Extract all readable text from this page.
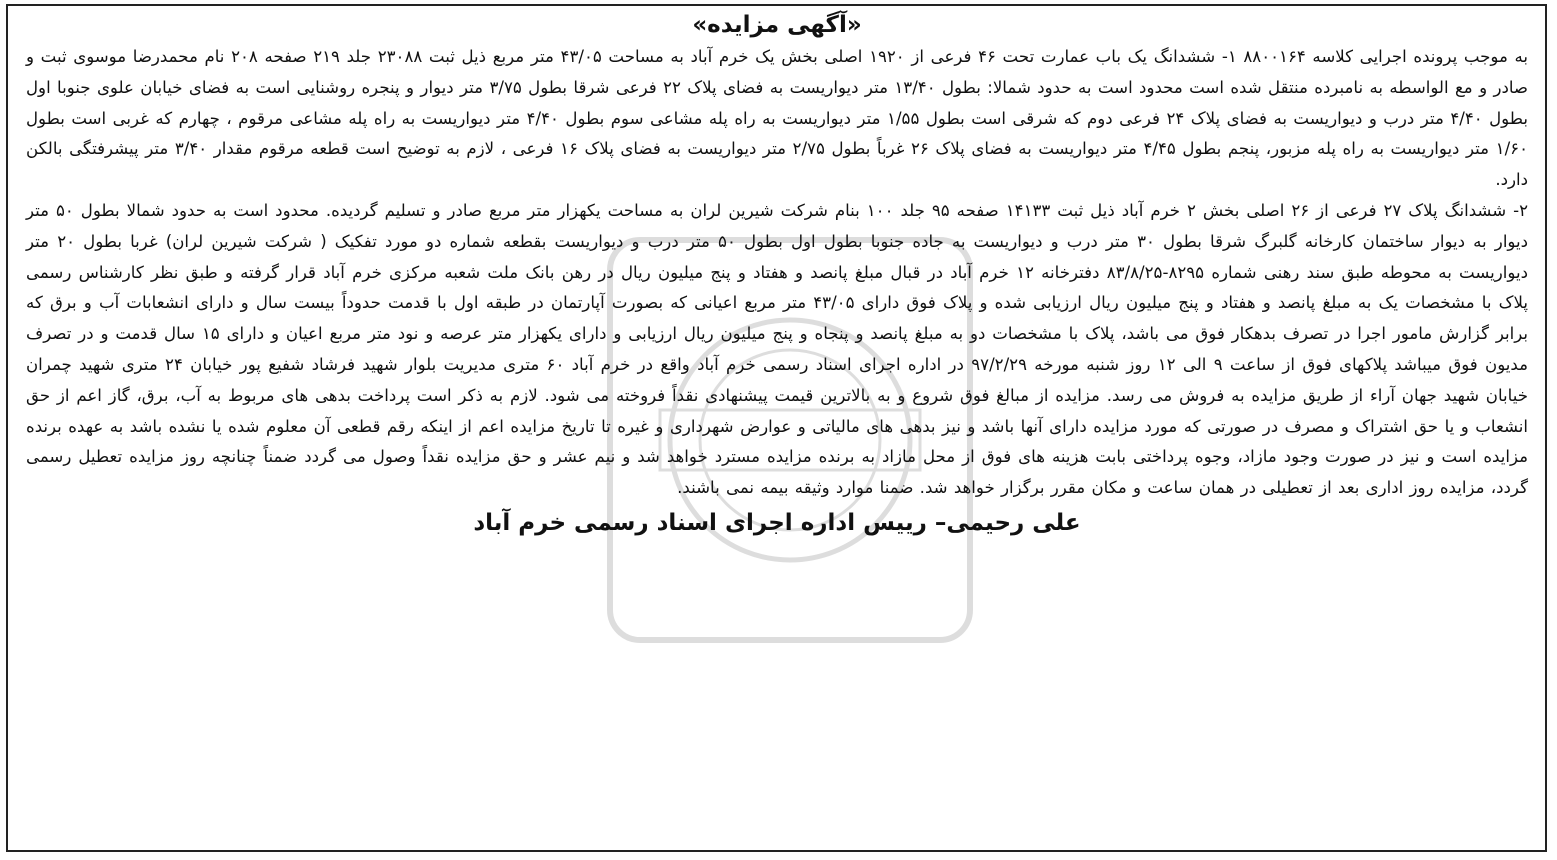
«آگهی مزایده»

به موجب پرونده اجرایی کلاسه ۸۸۰۰۱۶۴ ۱- ششدانگ یک باب عمارت تحت ۴۶ فرعی از ۱۹۲۰ اصلی بخش یک خرم آباد به مساحت ۴۳/۰۵ متر مربع ذیل ثبت ۲۳۰۸۸ جلد ۲۱۹ صفحه ۲۰۸ نام محمدرضا موسوی ثبت و صادر و مع الواسطه به نامبرده منتقل شده است محدود است به حدود شمالا: بطول ۱۳/۴۰ متر دیواریست به فضای پلاک ۲۲ فرعی شرقا بطول ۳/۷۵ متر دیوار و پنجره روشنایی است به فضای خیابان علوی جنوبا اول بطول ۴/۴۰ متر درب و دیواریست به فضای پلاک ۲۴ فرعی دوم که شرقی است بطول ۱/۵۵ متر دیواریست به راه پله مشاعی سوم بطول ۴/۴۰ متر دیواریست به راه پله مشاعی مرقوم ، چهارم که غربی است بطول ۱/۶۰ متر دیواریست به راه پله مزبور، پنجم بطول ۴/۴۵ متر دیواریست به فضای پلاک ۲۶ غرباً بطول ۲/۷۵ متر دیواریست به فضای پلاک ۱۶ فرعی ، لازم به توضیح است قطعه مرقوم مقدار ۳/۴۰ متر پیشرفتگی بالکن دارد.

۲- ششدانگ پلاک ۲۷ فرعی از ۲۶ اصلی بخش ۲ خرم آباد ذیل ثبت ۱۴۱۳۳ صفحه ۹۵ جلد ۱۰۰ بنام شرکت شیرین لران به مساحت یکهزار متر مربع صادر و تسلیم گردیده. محدود است به حدود شمالا بطول ۵۰ متر دیوار به دیوار ساختمان کارخانه گلبرگ شرقا بطول ۳۰ متر درب و دیواریست به جاده جنوبا بطول اول بطول ۵۰ متر درب و دیواریست بقطعه شماره دو مورد تفکیک ( شرکت شیرین لران) غربا بطول ۲۰ متر دیواریست به محوطه طبق سند رهنی شماره ۸۲۹۵-۸۳/۸/۲۵ دفترخانه ۱۲ خرم آباد در قبال مبلغ پانصد و هفتاد و پنج میلیون ریال در رهن بانک ملت شعبه مرکزی خرم آباد قرار گرفته و طبق نظر کارشناس رسمی پلاک با مشخصات یک به مبلغ پانصد و هفتاد و پنج میلیون ریال ارزیابی شده و پلاک فوق دارای ۴۳/۰۵ متر مربع اعیانی که بصورت آپارتمان در طبقه اول با قدمت حدوداً بیست سال و دارای انشعابات آب و برق که برابر گزارش مامور اجرا در تصرف بدهکار فوق می باشد، پلاک با مشخصات دو به مبلغ پانصد و پنجاه و پنج میلیون ریال ارزیابی و دارای یکهزار متر عرصه و نود متر مربع اعیان و دارای ۱۵ سال قدمت و در تصرف مدیون فوق میباشد پلاکهای فوق از ساعت ۹ الی ۱۲ روز شنبه مورخه ۹۷/۲/۲۹ در اداره اجرای اسناد رسمی خرم آباد واقع در خرم آباد ۶۰ متری مدیریت بلوار شهید فرشاد شفیع پور خیابان ۲۴ متری شهید چمران خیابان شهید جهان آراء از طریق مزایده به فروش می رسد. مزایده از مبالغ فوق شروع و به بالاترین قیمت پیشنهادی نقداً فروخته می شود. لازم به ذکر است پرداخت بدهی های مربوط به آب، برق، گاز اعم از حق انشعاب و یا حق اشتراک و مصرف در صورتی که مورد مزایده دارای آنها باشد و نیز بدهی های مالیاتی و عوارض شهرداری و غیره تا تاریخ مزایده اعم از اینکه رقم قطعی آن معلوم شده یا نشده باشد به عهده برنده مزایده است و نیز در صورت وجود مازاد، وجوه پرداختی بابت هزینه های فوق از محل مازاد به برنده مزایده مسترد خواهد شد و نیم عشر و حق مزایده نقداً وصول می گردد ضمناً چنانچه روز مزایده تعطیل رسمی گردد، مزایده روز اداری بعد از تعطیلی در همان ساعت و مکان مقرر برگزار خواهد شد. ضمنا موارد وثیقه بیمه نمی باشند.

علی رحیمی– رییس اداره اجرای اسناد رسمی خرم آباد
